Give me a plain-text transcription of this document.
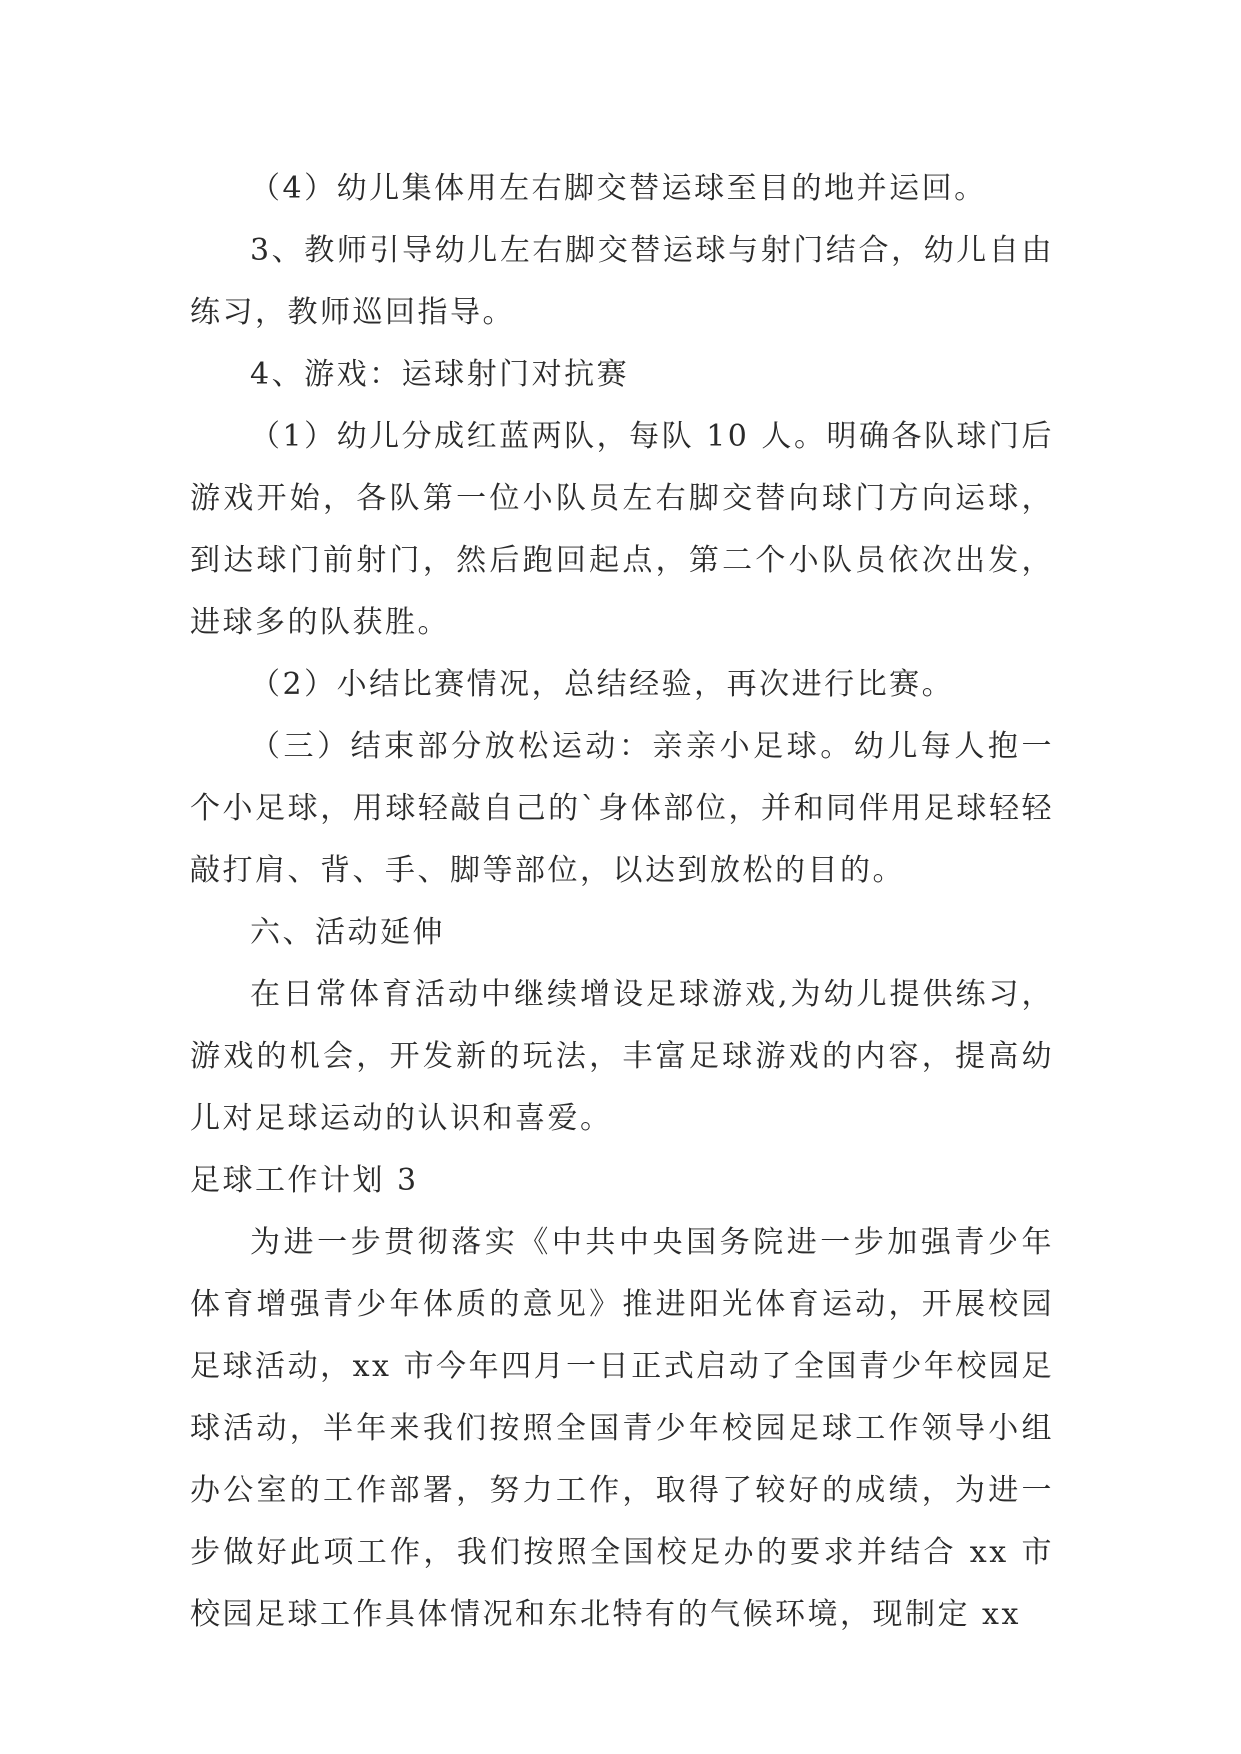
（4）幼儿集体用左右脚交替运球至目的地并运回。

3、教师引导幼儿左右脚交替运球与射门结合，幼儿自由练习，教师巡回指导。

4、游戏：运球射门对抗赛

（1）幼儿分成红蓝两队，每队 10 人。明确各队球门后游戏开始，各队第一位小队员左右脚交替向球门方向运球，到达球门前射门，然后跑回起点，第二个小队员依次出发，进球多的队获胜。

（2）小结比赛情况，总结经验，再次进行比赛。

（三）结束部分放松运动：亲亲小足球。幼儿每人抱一个小足球，用球轻敲自己的`身体部位，并和同伴用足球轻轻敲打肩、背、手、脚等部位，以达到放松的目的。

六、活动延伸

在日常体育活动中继续增设足球游戏,为幼儿提供练习，游戏的机会，开发新的玩法，丰富足球游戏的内容，提高幼儿对足球运动的认识和喜爱。

足球工作计划 3

为进一步贯彻落实《中共中央国务院进一步加强青少年体育增强青少年体质的意见》推进阳光体育运动，开展校园足球活动，xx 市今年四月一日正式启动了全国青少年校园足球活动，半年来我们按照全国青少年校园足球工作领导小组办公室的工作部署，努力工作，取得了较好的成绩，为进一步做好此项工作，我们按照全国校足办的要求并结合 xx 市校园足球工作具体情况和东北特有的气候环境，现制定 xx
